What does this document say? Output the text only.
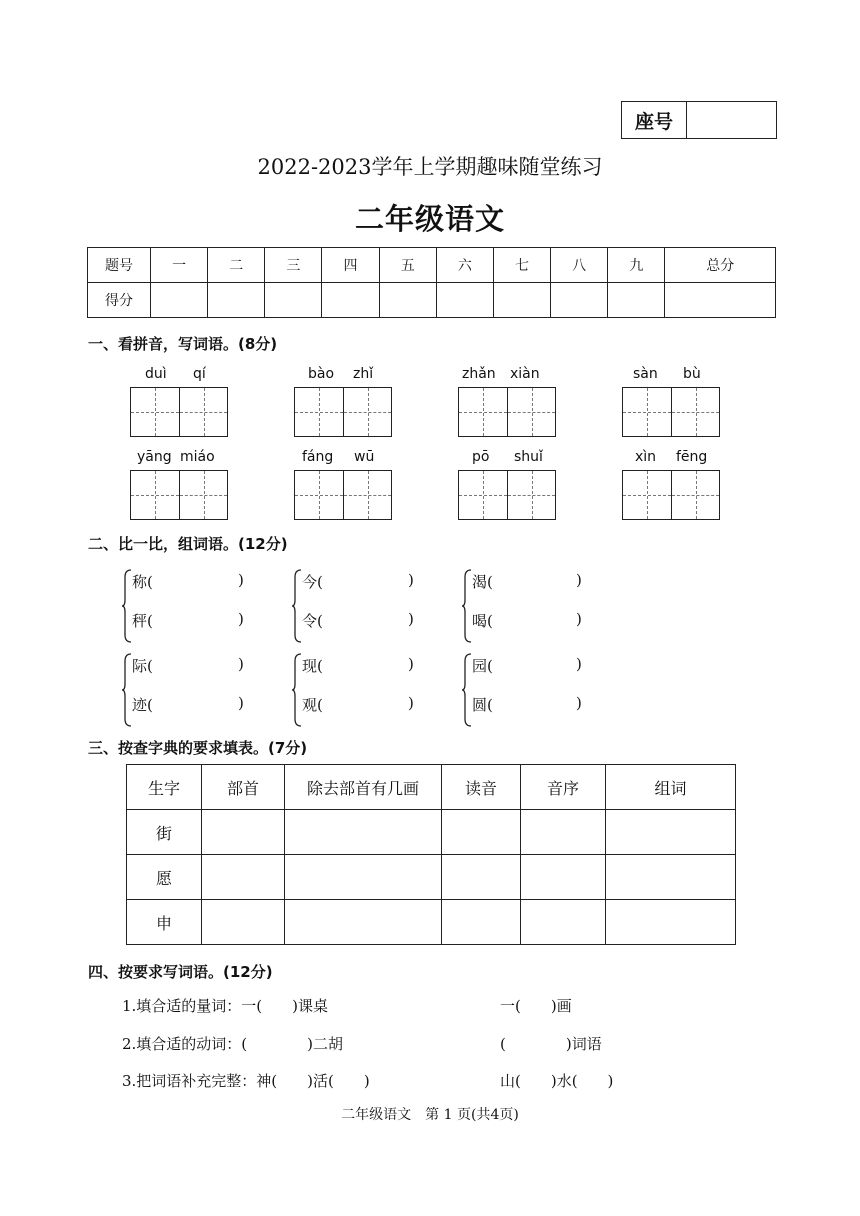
座号
2022-2023学年上学期趣味随堂练习
二年级语文
题号	一	二	三	四	五	六	七	八	九	总分
得分										
一、看拼音，写词语。(8分)
duì qí	bào zhǐ	zhǎn xiàn	sàn bù
yāng miáo	fáng wū	pō shuǐ	xìn fēng
二、比一比，组词语。(12分)
称(	)
秤(	)
今(	)
令(	)
渴(	)
喝(	)
际(	)
迹(	)
现(	)
观(	)
园(	)
圆(	)
三、按查字典的要求填表。(7分)
生字	部首	除去部首有几画	读音	音序	组词
街					
愿					
申					
四、按要求写词语。(12分)
1.填合适的量词：一(　　)课桌	一(　　)画
2.填合适的动词：(　　　　)二胡	(　　　　)词语
3.把词语补充完整：神(　　)活(　　)	山(　　)水(　　)
二年级语文　第 1 页(共4页)
